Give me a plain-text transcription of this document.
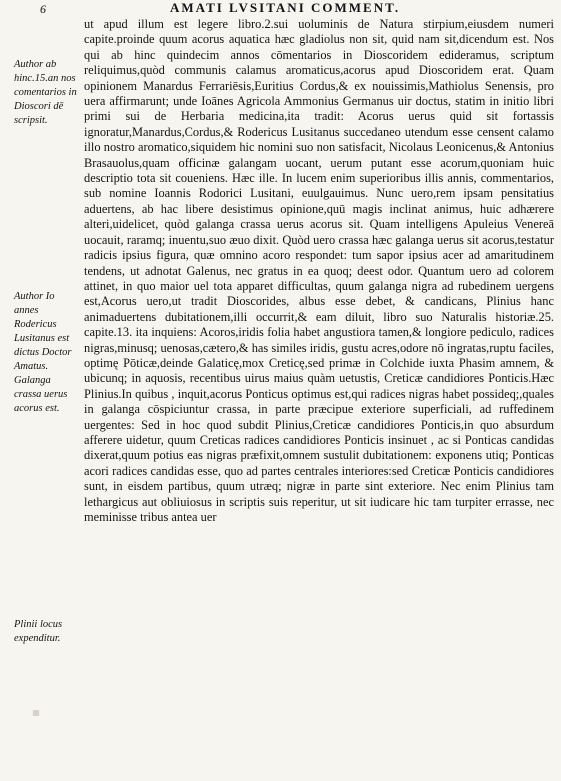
6	AMATI LVSITANI COMMENT.
Author ab hinc.15.an nos comentarios in Dioscori dē scripsit.
Author Io annes Rodericus Lusitanus est dictus Doctor Amatus. Galanga crassa uerus acorus est.
Plinii locus expenditur.
▦
ut apud illum est legere libro.2.sui uoluminis de Natura stirpium,eiusdem numeri capite.proinde quum acorus aquatica hæc gladiolus non sit, quid nam sit,dicendum est. Nos qui ab hinc quindecim annos cōmentarios in Dioscoridem edideramus, scriptum reliquimus,quòd communis calamus aromaticus,acorus apud Dioscoridem erat. Quam opinionem Manardus Ferrariēsis,Euritius Cordus,& ex nouissimis,Mathiolus Senensis, pro uera affirmarunt; unde Ioānes Agricola Ammonius Germanus uir doctus, statim in initio libri primi sui de Herbaria medicina,ita tradit: Acorus uerus quid sit fortassis ignoratur,Manardus,Cordus,& Rodericus Lusitanus succedaneo utendum esse censent calamo illo nostro aromatico,siquidem hic nomini suo non satisfacit, Nicolaus Leonicenus,& Antonius Brasauolus,quam officinæ galangam uocant, uerum putant esse acorum,quoniam huic descriptio tota sit coueniens. Hæc ille. In lucem enim superioribus illis annis, commentarios, sub nomine Ioannis Rodorici Lusitani, euulgauimus. Nunc uero,rem ipsam pensitatius aduertens, ab hac libere desistimus opinione,quū magis inclinat animus, huic adhærere alteri,uidelicet, quòd galanga crassa uerus acorus sit. Quam intelligens Apuleius Venereā uocauit, raramq; inuentu,suo æuo dixit. Quòd uero crassa hæc galanga uerus sit acorus,testatur radicis ipsius figura, quæ omnino acoro respondet: tum sapor ipsius acer ad amaritudinem tendens, ut adnotat Galenus, nec gratus in ea quoq; deest odor. Quantum uero ad colorem attinet, in quo maior uel tota apparet difficultas, quum galanga nigra ad rubedinem uergens est,Acorus uero,ut tradit Dioscorides, albus esse debet, & candicans, Plinius hanc animaduertens dubitationem,illi occurrit,& eam diluit, libro suo Naturalis historiæ.25. capite.13. ita inquiens: Acoros,iridis folia habet angustiora tamen,& longiore pediculo, radices nigras,minusq; uenosas,cætero,& has similes iridis, gustu acres,odore nō ingratas,ruptu faciles, optimę Pōticæ,deinde Galaticę,mox Creticę,sed primæ in Colchide iuxta Phasim amnem, & ubicunq; in aquosis, recentibus uirus maius quàm uetustis, Creticæ candidiores Ponticis.Hæc Plinius.In quibus , inquit,acorus Ponticus optimus est,qui radices nigras habet possideq;,quales in galanga cōspiciuntur crassa, in parte præcipue exteriore superficiali, ad ruffedinem uergentes: Sed in hoc quod subdit Plinius,Creticæ candidiores Ponticis,in quo absurdum afferere uidetur, quum Creticas radices candidiores Ponticis insinuet , ac si Ponticas candidas dixerat,quum potius eas nigras præfixit,omnem sustulit dubitationem: exponens utiq; Ponticas acori radices candidas esse, quo ad partes centrales interiores:sed Creticæ Ponticis candidiores sunt, in eisdem partibus, quum utræq; nigræ in parte sint exteriore. Nec enim Plinius tam lethargicus aut obliuiosus in scriptis suis reperitur, ut sit iudicare hic tam turpiter errasse, nec meminisse tribus antea uer
